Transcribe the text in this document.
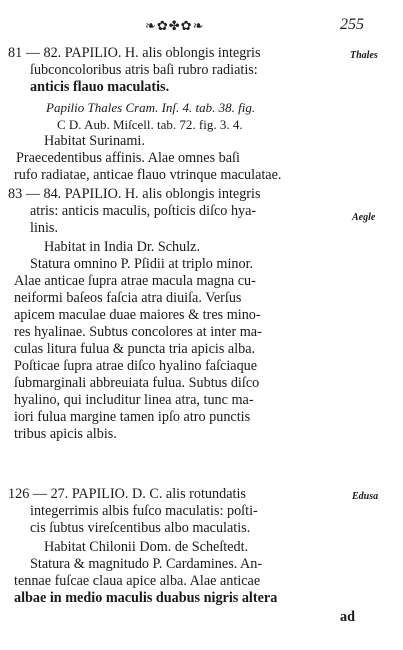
❧✿✤✿❧	255
Thales
Aegle
Edusa
81 — 82. PAPILIO. H. alis oblongis integris
ſubconcoloribus atris baſi rubro radiatis:
anticis flauo maculatis.
Papilio Thales Cram. Inſ. 4. tab. 38. fig.
C D. Aub. Miſcell. tab. 72. fig. 3. 4.
Habitat Surinami.
Praecedentibus affinis. Alae omnes baſi
rufo radiatae, anticae flauo vtrinque maculatae.
83 — 84. PAPILIO. H. alis oblongis integris
atris: anticis maculis, poſticis diſco hya-
linis.
Habitat in India Dr. Schulz.
Statura omnino P. Pſidii at triplo minor.
Alae anticae ſupra atrae macula magna cu-
neiformi baſeos faſcia atra diuiſa. Verſus
apicem maculae duae maiores & tres mino-
res hyalinae. Subtus concolores at inter ma-
culas litura fulua & puncta tria apicis alba.
Poſticae ſupra atrae diſco hyalino faſciaque
ſubmarginali abbreuiata fulua. Subtus diſco
hyalino, qui includitur linea atra, tunc ma-
iori fulua margine tamen ipſo atro punctis
tribus apicis albis.
126 — 27. PAPILIO. D. C. alis rotundatis
integerrimis albis fuſco maculatis: poſti-
cis ſubtus vireſcentibus albo maculatis.
Habitat Chilonii Dom. de Scheſtedt.
Statura & magnitudo P. Cardamines. An-
tennae fuſcae claua apice alba. Alae anticae
albae in medio maculis duabus nigris altera
ad
